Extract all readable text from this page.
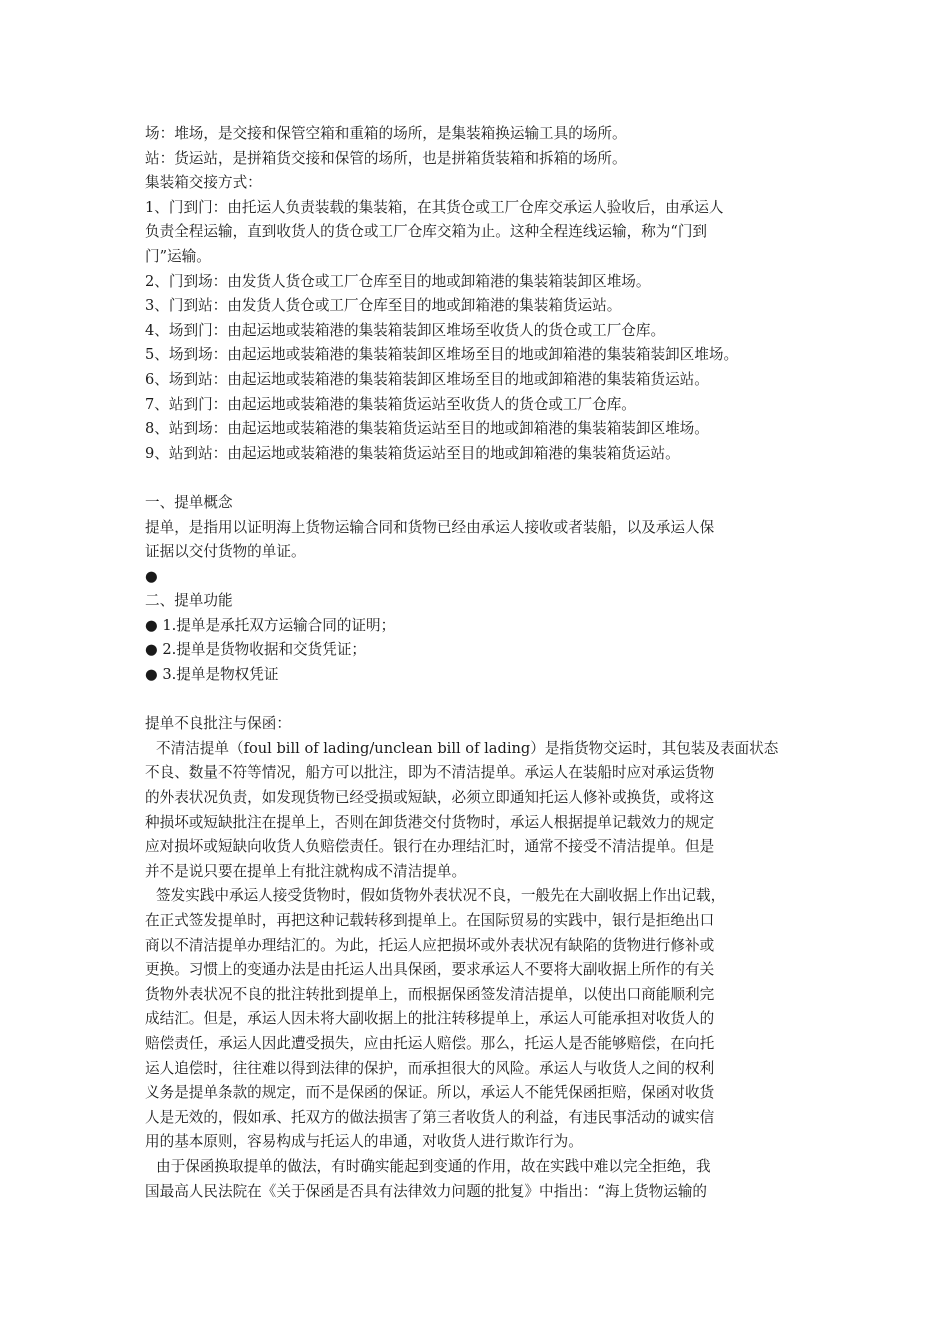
场：堆场，是交接和保管空箱和重箱的场所，是集装箱换运输工具的场所。
站：货运站，是拼箱货交接和保管的场所，也是拼箱货装箱和拆箱的场所。
集装箱交接方式：
1、门到门：由托运人负责装载的集装箱，在其货仓或工厂仓库交承运人验收后，由承运人
负责全程运输，直到收货人的货仓或工厂仓库交箱为止。这种全程连线运输，称为“门到
门”运输。
2、门到场：由发货人货仓或工厂仓库至目的地或卸箱港的集装箱装卸区堆场。
3、门到站：由发货人货仓或工厂仓库至目的地或卸箱港的集装箱货运站。
4、场到门：由起运地或装箱港的集装箱装卸区堆场至收货人的货仓或工厂仓库。
5、场到场：由起运地或装箱港的集装箱装卸区堆场至目的地或卸箱港的集装箱装卸区堆场。
6、场到站：由起运地或装箱港的集装箱装卸区堆场至目的地或卸箱港的集装箱货运站。
7、站到门：由起运地或装箱港的集装箱货运站至收货人的货仓或工厂仓库。
8、站到场：由起运地或装箱港的集装箱货运站至目的地或卸箱港的集装箱装卸区堆场。
9、站到站：由起运地或装箱港的集装箱货运站至目的地或卸箱港的集装箱货运站。
一、提单概念
提单，是指用以证明海上货物运输合同和货物已经由承运人接收或者装船，以及承运人保
证据以交付货物的单证。
●
二、提单功能
● 1.提单是承托双方运输合同的证明；
● 2.提单是货物收据和交货凭证；
● 3.提单是物权凭证
提单不良批注与保函：
不清洁提单（foul bill of lading/unclean bill of lading）是指货物交运时，其包装及表面状态
不良、数量不符等情况，船方可以批注，即为不清洁提单。承运人在装船时应对承运货物
的外表状况负责，如发现货物已经受损或短缺，必须立即通知托运人修补或换货，或将这
种损坏或短缺批注在提单上，否则在卸货港交付货物时，承运人根据提单记载效力的规定
应对损坏或短缺向收货人负赔偿责任。银行在办理结汇时，通常不接受不清洁提单。但是
并不是说只要在提单上有批注就构成不清洁提单。
签发实践中承运人接受货物时，假如货物外表状况不良，一般先在大副收据上作出记载，
在正式签发提单时，再把这种记载转移到提单上。在国际贸易的实践中，银行是拒绝出口
商以不清洁提单办理结汇的。为此，托运人应把损坏或外表状况有缺陷的货物进行修补或
更换。习惯上的变通办法是由托运人出具保函，要求承运人不要将大副收据上所作的有关
货物外表状况不良的批注转批到提单上，而根据保函签发清洁提单，以使出口商能顺利完
成结汇。但是，承运人因未将大副收据上的批注转移提单上，承运人可能承担对收货人的
赔偿责任，承运人因此遭受损失，应由托运人赔偿。那么，托运人是否能够赔偿，在向托
运人追偿时，往往难以得到法律的保护，而承担很大的风险。承运人与收货人之间的权利
义务是提单条款的规定，而不是保函的保证。所以，承运人不能凭保函拒赔，保函对收货
人是无效的，假如承、托双方的做法损害了第三者收货人的利益，有违民事活动的诚实信
用的基本原则，容易构成与托运人的串通，对收货人进行欺诈行为。
由于保函换取提单的做法，有时确实能起到变通的作用，故在实践中难以完全拒绝，我
国最高人民法院在《关于保函是否具有法律效力问题的批复》中指出：“海上货物运输的
